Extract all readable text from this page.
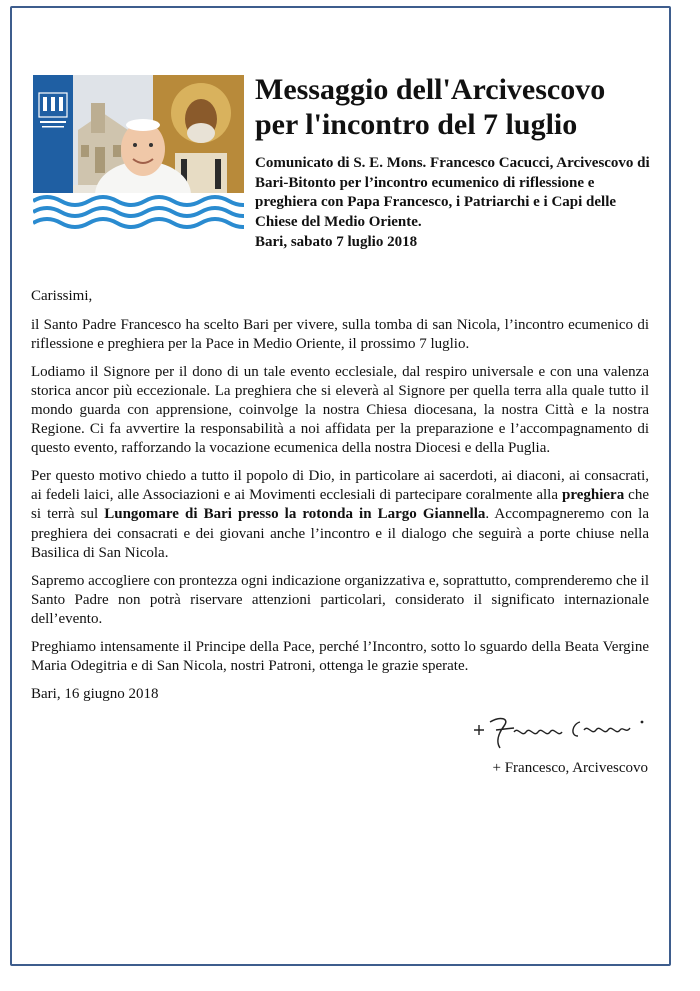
Messaggio dell'Arcivescovo
per l'incontro del 7 luglio

Comunicato di S. E. Mons. Francesco Cacucci, Arcivescovo di Bari-Bitonto per l’incontro ecumenico di riflessione e preghiera con Papa Francesco, i Patriarchi e i Capi delle Chiese del Medio Oriente.

Bari, sabato 7 luglio 2018

Carissimi,

il Santo Padre Francesco ha scelto Bari per vivere, sulla tomba di san Nicola, l’incontro ecumenico di riflessione e preghiera per la Pace in Medio Oriente, il prossimo 7 luglio.

Lodiamo il Signore per il dono di un tale evento ecclesiale, dal respiro universale e con una valenza storica ancor più eccezionale. La preghiera che si eleverà al Signore per quella terra alla quale tutto il mondo guarda con apprensione, coinvolge la nostra Chiesa diocesana, la nostra Città e la nostra Regione. Ci fa avvertire la responsabilità a noi affidata per la preparazione e l’accompagnamento di questo evento, rafforzando la vocazione ecumenica della nostra Diocesi e della Puglia.

Per questo motivo chiedo a tutto il popolo di Dio, in particolare ai sacerdoti, ai diaconi, ai consacrati, ai fedeli laici, alle Associazioni e ai Movimenti ecclesiali di partecipare coralmente alla preghiera che si terrà sul Lungomare di Bari presso la rotonda in Largo Giannella. Accompagneremo con la preghiera dei consacrati e dei giovani anche l’incontro e il dialogo che seguirà a porte chiuse nella Basilica di San Nicola.

Sapremo accogliere con prontezza ogni indicazione organizzativa e, soprattutto, comprenderemo che il Santo Padre non potrà riservare attenzioni particolari, considerato il significato internazionale dell’evento.

Preghiamo intensamente il Principe della Pace, perché l’Incontro, sotto lo sguardo della Beata Vergine Maria Odegitria e di San Nicola, nostri Patroni, ottenga le grazie sperate.

Bari, 16 giugno 2018

+ Francesco, Arcivescovo
